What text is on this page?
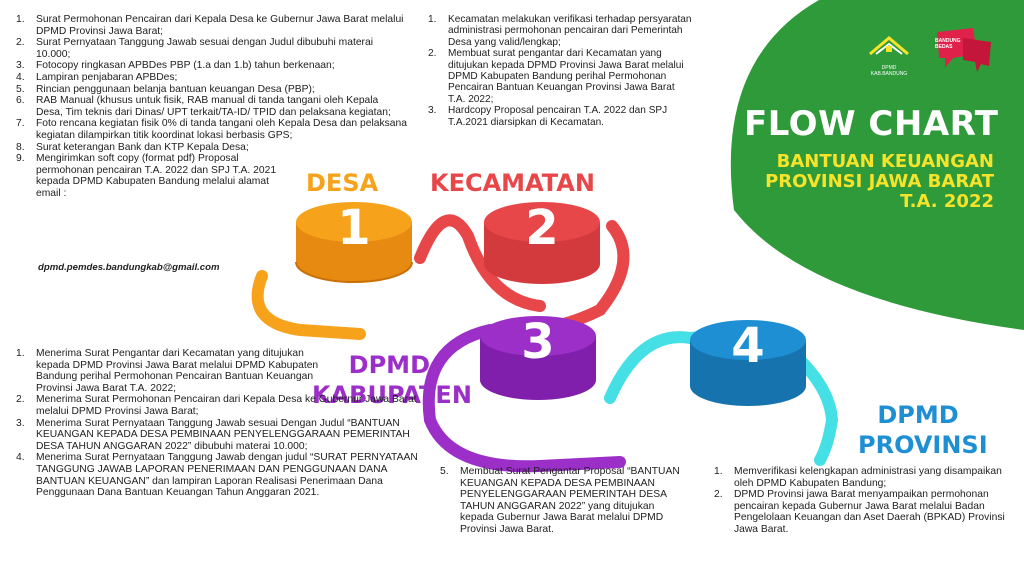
DPMD KAB.BANDUNG
BANDUNG BEDAS
FLOW CHART
BANTUAN KEUANGAN
PROVINSI JAWA BARAT
T.A. 2022
1	2
3	4
DESA KECAMATAN
DPMD
KABUPATEN
DPMD
PROVINSI
1. Surat Permohonan Pencairan dari Kepala Desa ke Gubernur Jawa Barat melalui DPMD Provinsi Jawa Barat;
2. Surat Pernyataan Tanggung Jawab sesuai dengan Judul dibubuhi materai 10.000;
3. Fotocopy ringkasan APBDes PBP (1.a dan 1.b) tahun berkenaan;
4. Lampiran penjabaran APBDes;
5. Rincian penggunaan belanja bantuan keuangan Desa (PBP);
6. RAB Manual (khusus untuk fisik, RAB manual di tanda tangani oleh Kepala Desa, Tim teknis dari Dinas/ UPT terkait/TA-ID/ TPID dan pelaksana kegiatan;
7. Foto rencana kegiatan fisik 0% di tanda tangani oleh Kepala Desa dan pelaksana kegiatan dilampirkan titik koordinat lokasi berbasis GPS;
8. Surat keterangan Bank dan KTP Kepala Desa;
9. Mengirimkan soft copy (format pdf) Proposal permohonan pencairan T.A. 2022 dan SPJ T.A. 2021 kepada DPMD Kabupaten Bandung melalui alamat email :
dpmd.pemdes.bandungkab@gmail.com
1. Kecamatan melakukan verifikasi terhadap persyaratan administrasi permohonan pencairan dari Pemerintah Desa yang valid/lengkap;
2. Membuat surat pengantar dari Kecamatan yang ditujukan kepada DPMD Provinsi Jawa Barat melalui DPMD Kabupaten Bandung perihal Permohonan Pencairan Bantuan Keuangan Provinsi Jawa Barat T.A. 2022;
3. Hardcopy Proposal pencairan T.A. 2022 dan SPJ T.A.2021 diarsipkan di Kecamatan.
1. Menerima Surat Pengantar dari Kecamatan yang ditujukan kepada DPMD Provinsi Jawa Barat melalui DPMD Kabupaten Bandung perihal Permohonan Pencairan Bantuan Keuangan Provinsi Jawa Barat T.A. 2022;
2. Menerima Surat Permohonan Pencairan dari Kepala Desa ke Gubernur Jawa Barat melalui DPMD Provinsi Jawa Barat;
3. Menerima Surat Pernyataan Tanggung Jawab sesuai Dengan Judul “BANTUAN KEUANGAN KEPADA DESA PEMBINAAN PENYELENGGARAAN PEMERINTAH DESA TAHUN ANGGARAN 2022” dibubuhi materai 10.000;
4. Menerima Surat Pernyataan Tanggung Jawab dengan judul “SURAT PERNYATAAN TANGGUNG JAWAB LAPORAN PENERIMAAN DAN PENGGUNAAN DANA BANTUAN KEUANGAN” dan lampiran Laporan Realisasi Penerimaan Dana Penggunaan Dana Bantuan Keuangan Tahun Anggaran 2021.
5. Membuat Surat Pengantar Proposal “BANTUAN KEUANGAN KEPADA DESA PEMBINAAN PENYELENGGARAAN PEMERINTAH DESA TAHUN ANGGARAN 2022” yang ditujukan kepada Gubernur Jawa Barat melalui DPMD Provinsi Jawa Barat.
1. Memverifikasi kelengkapan administrasi yang disampaikan oleh DPMD Kabupaten Bandung;
2. DPMD Provinsi jawa Barat menyampaikan permohonan pencairan kepada Gubernur Jawa Barat melalui Badan Pengelolaan Keuangan dan Aset Daerah (BPKAD) Provinsi Jawa Barat.
